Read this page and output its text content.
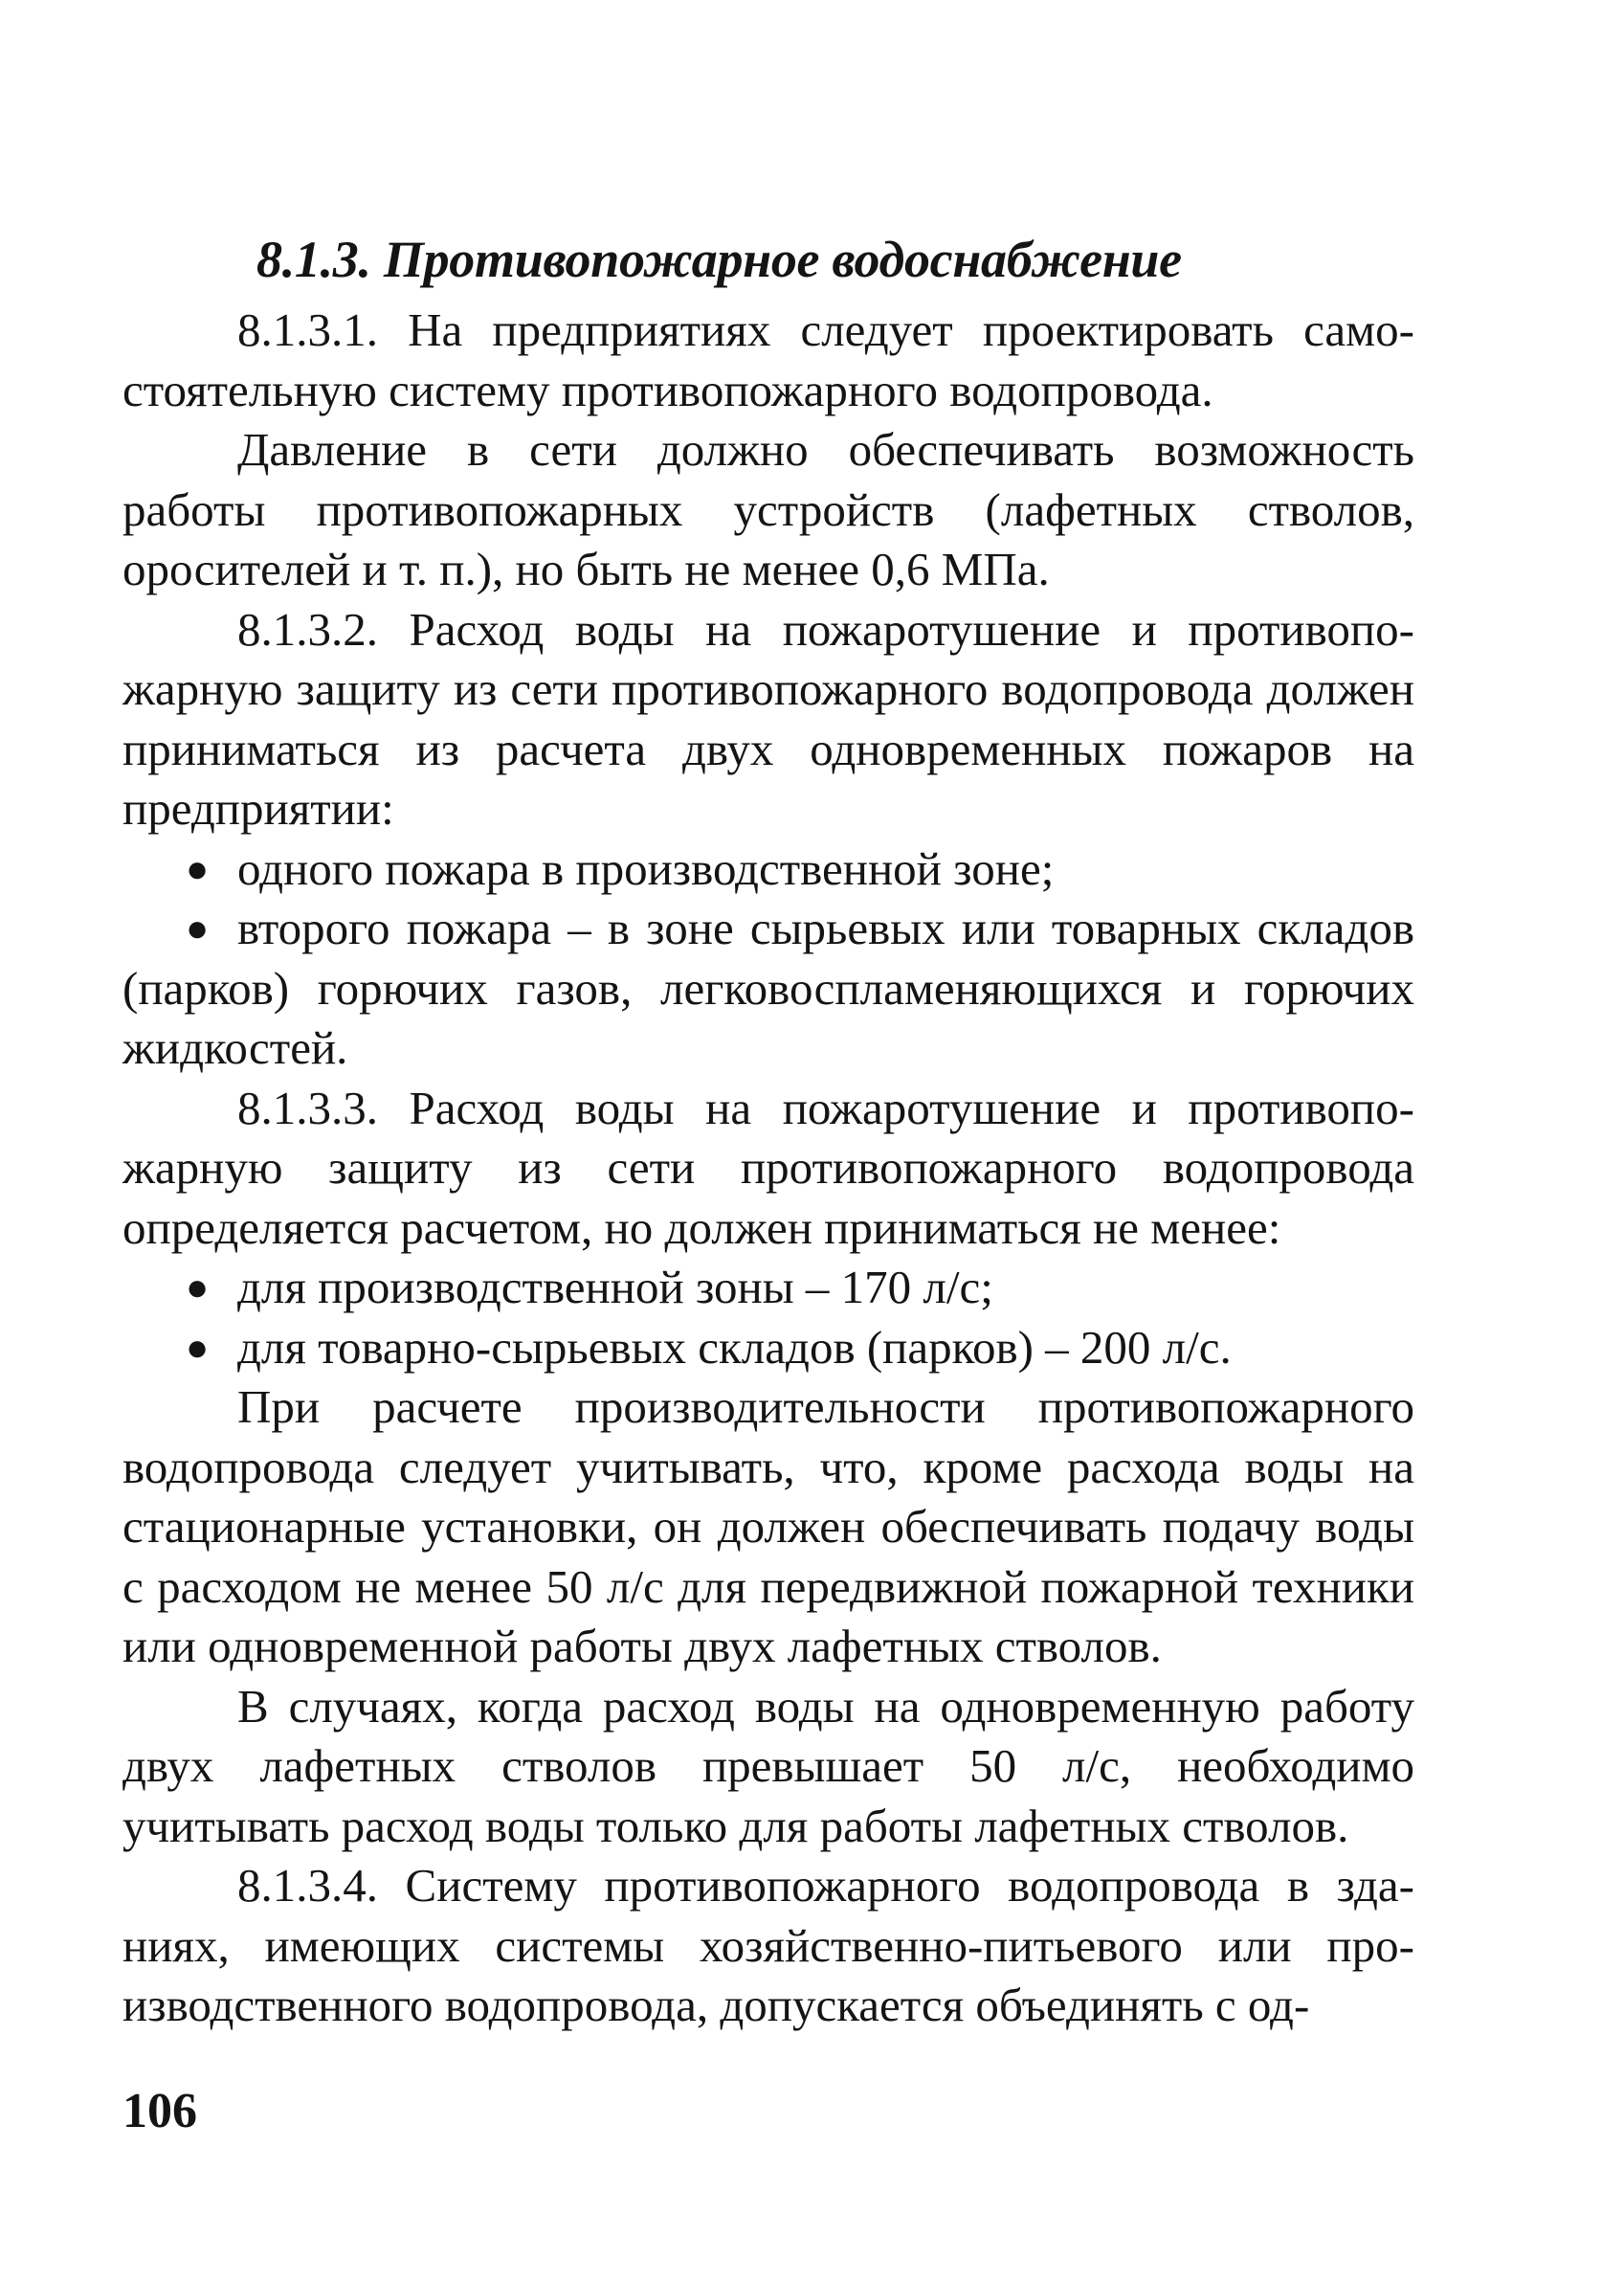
8.1.3. Противопожарное водоснабжение

8.1.3.1. На предприятиях следует проектировать самостоятельную систему противопожарного водопровода.

Давление в сети должно обеспечивать возможность работы противопожарных устройств (лафетных стволов, оросителей и т. п.), но быть не менее 0,6 МПа.

8.1.3.2. Расход воды на пожаротушение и противопожарную защиту из сети противопожарного водопровода должен приниматься из расчета двух одновременных пожаров на предприятии:

● одного пожара в производственной зоне;
● второго пожара – в зоне сырьевых или товарных складов (парков) горючих газов, легковоспламеняющихся и горючих жидкостей.

8.1.3.3. Расход воды на пожаротушение и противопожарную защиту из сети противопожарного водопровода определяется расчетом, но должен приниматься не менее:

● для производственной зоны – 170 л/с;
● для товарно-сырьевых складов (парков) – 200 л/с.

При расчете производительности противопожарного водопровода следует учитывать, что, кроме расхода воды на стационарные установки, он должен обеспечивать подачу воды с расходом не менее 50 л/с для передвижной пожарной техники или одновременной работы двух лафетных стволов.

В случаях, когда расход воды на одновременную работу двух лафетных стволов превышает 50 л/с, необходимо учитывать расход воды только для работы лафетных стволов.

8.1.3.4. Систему противопожарного водопровода в зданиях, имеющих системы хозяйственно-питьевого или производственного водопровода, допускается объединять с од-

106
